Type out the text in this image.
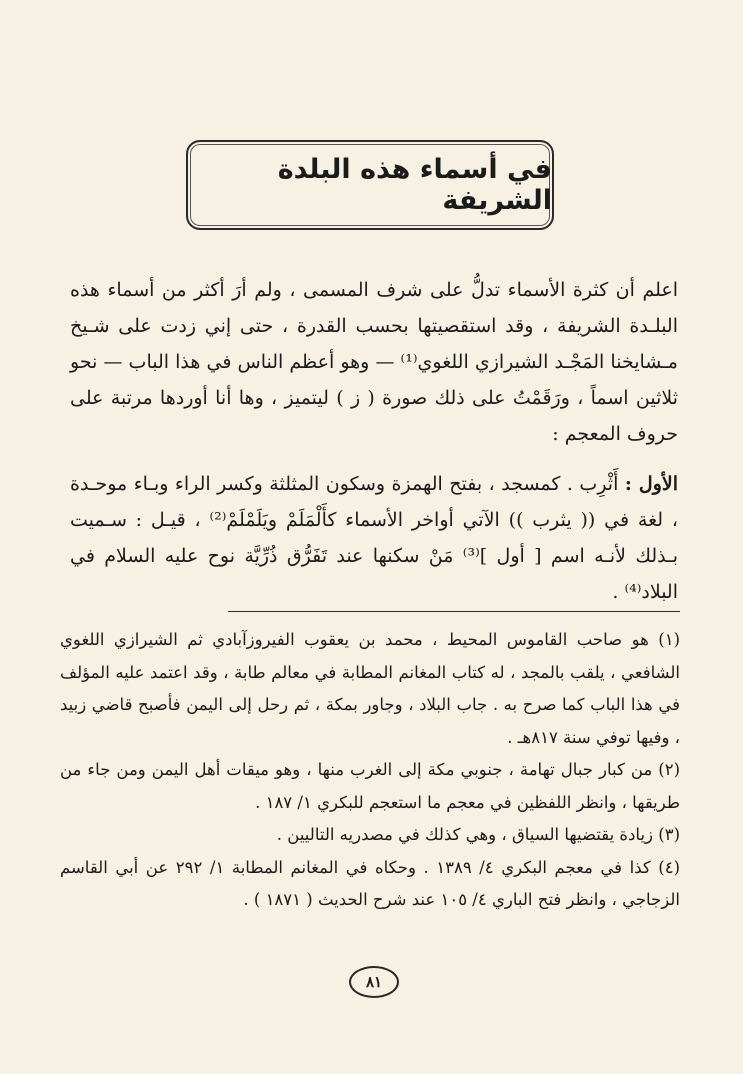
في أسماء هذه البلدة الشريفة

اعلم أن كثرة الأسماء تدلُّ على شرف المسمى ، ولم أرَ أكثر من أسماء هذه البلـدة الشريفة ، وقد استقصيتها بحسب القدرة ، حتى إني زدت على شـيخ مـشايخنا المَجْـد الشيرازي اللغوي⁽¹⁾ — وهو أعظم الناس في هذا الباب — نحو ثلاثين اسماً ، ورَقَمْتُ على ذلك صورة ( ز ) ليتميز ، وها أنا أوردها مرتبة على حروف المعجم :

الأول : أَثْرِب . كمسجد ، بفتح الهمزة وسكون المثلثة وكسر الراء وبـاء موحـدة ، لغة في (( يثرب )) الآتي أواخر الأسماء كأَلْمَلَمْ ويَلَمْلَمْ⁽²⁾ ، قيـل : سـميت بـذلك لأنـه اسم [ أول ]⁽³⁾ مَنْ سكنها عند تَفَرُّق ذُرِّيَّة نوح عليه السلام في البلاد⁽⁴⁾ .

(١) هو صاحب القاموس المحيط ، محمد بن يعقوب الفيروزآبادي ثم الشيرازي اللغوي الشافعي ، يلقب بالمجد ، له كتاب المغانم المطابة في معالم طابة ، وقد اعتمد عليه المؤلف في هذا الباب كما صرح به . جاب البلاد ، وجاور بمكة ، ثم رحل إلى اليمن فأصبح قاضي زبيد ، وفيها توفي سنة ٨١٧هـ .

(٢) من كبار جبال تهامة ، جنوبي مكة إلى الغرب منها ، وهو ميقات أهل اليمن ومن جاء من طريقها ، وانظر اللفظين في معجم ما استعجم للبكري ١/ ١٨٧ .

(٣) زيادة يقتضيها السياق ، وهي كذلك في مصدريه التاليين .

(٤) كذا في معجم البكري ٤/ ١٣٨٩ . وحكاه في المغانم المطابة ١/ ٢٩٢ عن أبي القاسم الزجاجي ، وانظر فتح الباري ٤/ ١٠٥ عند شرح الحديث ( ١٨٧١ ) .

٨١
